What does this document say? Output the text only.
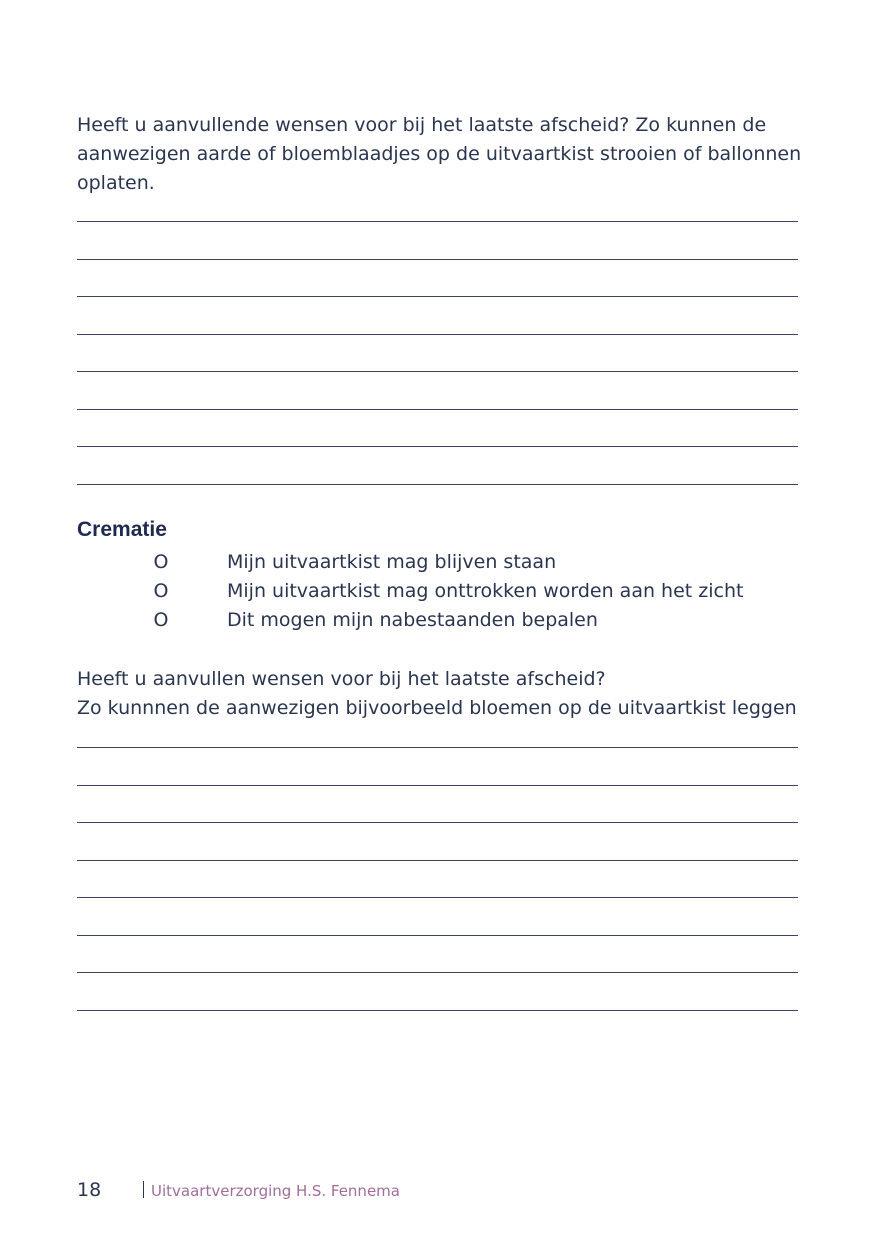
Heeft u aanvullende wensen voor bij het laatste afscheid? Zo kunnen de
aanwezigen aarde of bloemblaadjes op de uitvaartkist strooien of ballonnen
oplaten.

Crematie
O	Mijn uitvaartkist mag blijven staan
O	Mijn uitvaartkist mag onttrokken worden aan het zicht
O	Dit mogen mijn nabestaanden bepalen

Heeft u aanvullen wensen voor bij het laatste afscheid?
Zo kunnnen de aanwezigen bijvoorbeeld bloemen op de uitvaartkist leggen

18	Uitvaartverzorging H.S. Fennema
